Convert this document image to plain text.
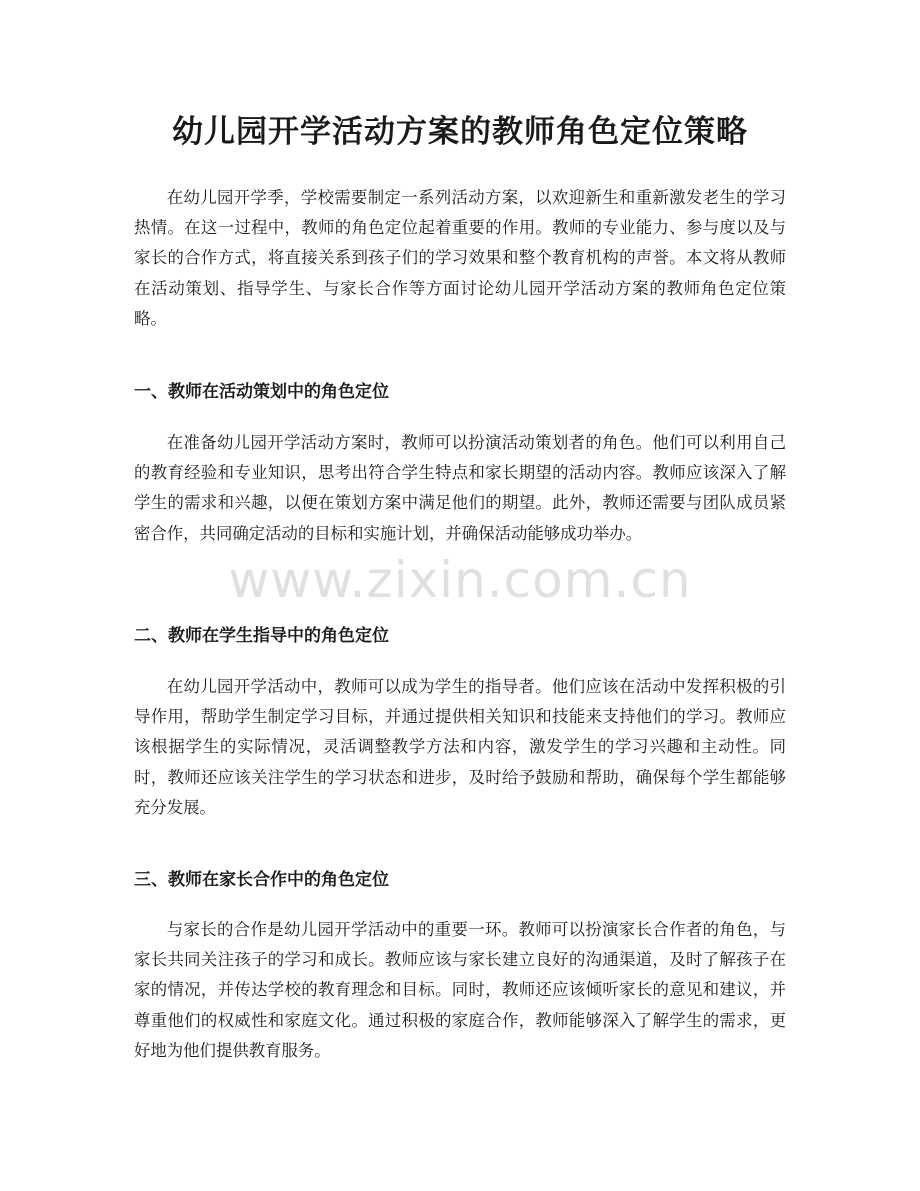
幼儿园开学活动方案的教师角色定位策略

在幼儿园开学季，学校需要制定一系列活动方案，以欢迎新生和重新激发老生的学习热情。在这一过程中，教师的角色定位起着重要的作用。教师的专业能力、参与度以及与家长的合作方式，将直接关系到孩子们的学习效果和整个教育机构的声誉。本文将从教师在活动策划、指导学生、与家长合作等方面讨论幼儿园开学活动方案的教师角色定位策略。

一、教师在活动策划中的角色定位

在准备幼儿园开学活动方案时，教师可以扮演活动策划者的角色。他们可以利用自己的教育经验和专业知识，思考出符合学生特点和家长期望的活动内容。教师应该深入了解学生的需求和兴趣，以便在策划方案中满足他们的期望。此外，教师还需要与团队成员紧密合作，共同确定活动的目标和实施计划，并确保活动能够成功举办。

二、教师在学生指导中的角色定位

在幼儿园开学活动中，教师可以成为学生的指导者。他们应该在活动中发挥积极的引导作用，帮助学生制定学习目标，并通过提供相关知识和技能来支持他们的学习。教师应该根据学生的实际情况，灵活调整教学方法和内容，激发学生的学习兴趣和主动性。同时，教师还应该关注学生的学习状态和进步，及时给予鼓励和帮助，确保每个学生都能够充分发展。

三、教师在家长合作中的角色定位

与家长的合作是幼儿园开学活动中的重要一环。教师可以扮演家长合作者的角色，与家长共同关注孩子的学习和成长。教师应该与家长建立良好的沟通渠道，及时了解孩子在家的情况，并传达学校的教育理念和目标。同时，教师还应该倾听家长的意见和建议，并尊重他们的权威性和家庭文化。通过积极的家庭合作，教师能够深入了解学生的需求，更好地为他们提供教育服务。

www.zixin.com.cn
